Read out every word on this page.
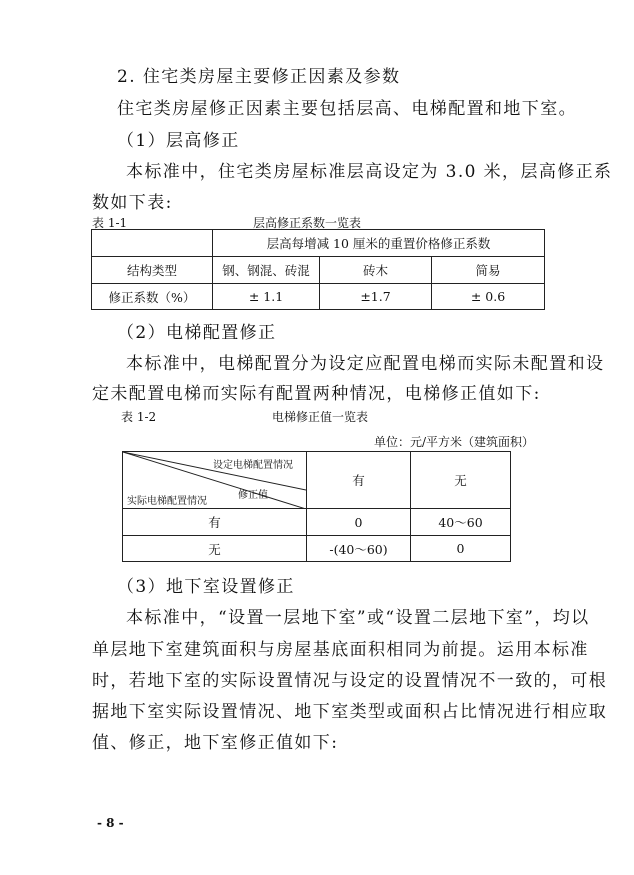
2. 住宅类房屋主要修正因素及参数
住宅类房屋修正因素主要包括层高、电梯配置和地下室。
（1）层高修正
本标准中，住宅类房屋标准层高设定为 3.0 米，层高修正系
数如下表:
表 1-1	层高修正系数一览表
	层高每增减 10 厘米的重置价格修正系数		
结构类型	钢、钢混、砖混	砖木	简易
修正系数（%）	± 1.1	±1.7	± 0.6
（2）电梯配置修正
本标准中，电梯配置分为设定应配置电梯而实际未配置和设
定未配置电梯而实际有配置两种情况，电梯修正值如下:
表 1-2	电梯修正值一览表
单位：元/平方米（建筑面积）
设定电梯配置情况
修正值
实际电梯配置情况	有	无
有	0	40～60
无	-(40～60)	0
（3）地下室设置修正
本标准中，“设置一层地下室”或“设置二层地下室”，均以
单层地下室建筑面积与房屋基底面积相同为前提。运用本标准
时，若地下室的实际设置情况与设定的设置情况不一致的，可根
据地下室实际设置情况、地下室类型或面积占比情况进行相应取
值、修正，地下室修正值如下:
- 8 -
